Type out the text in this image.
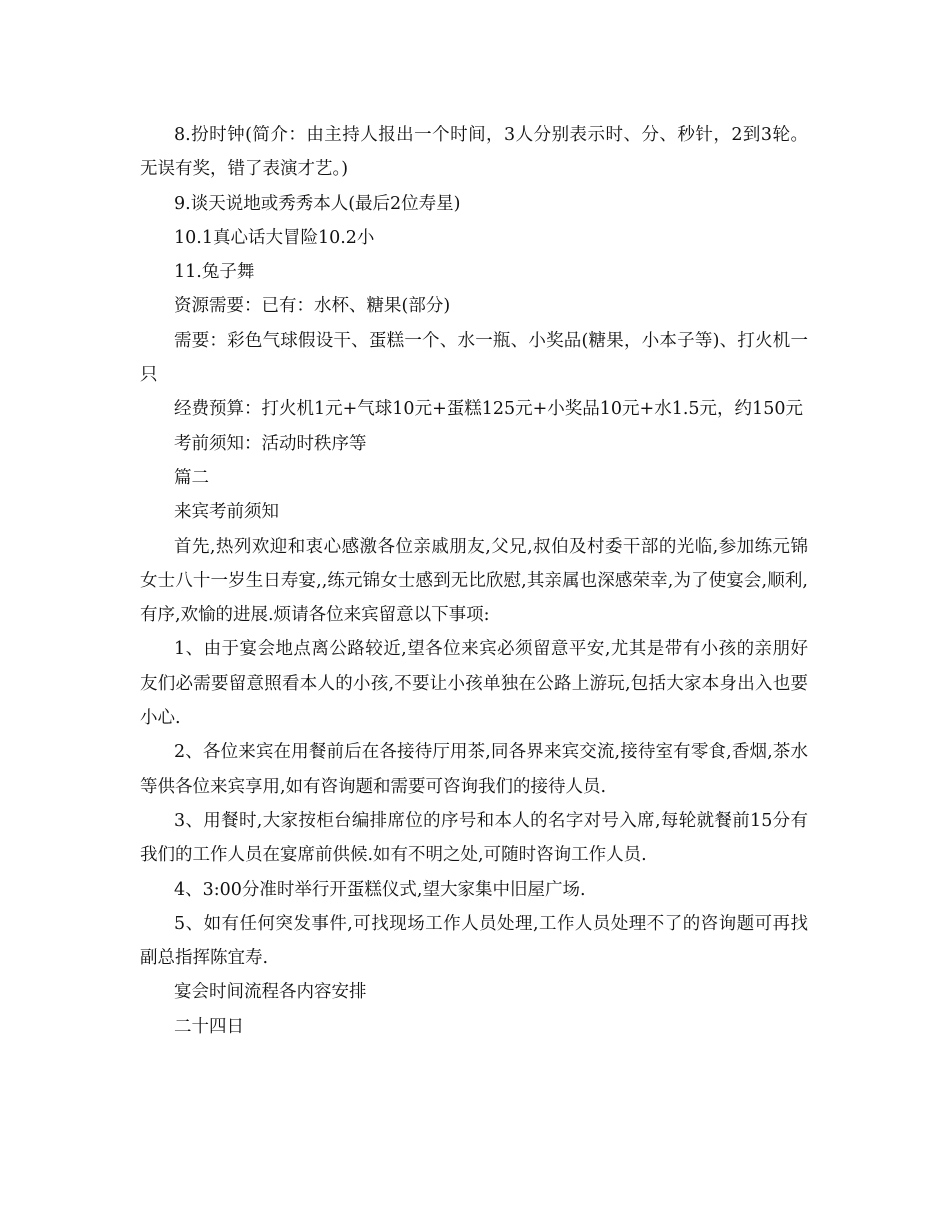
8.扮时钟(简介：由主持人报出一个时间，3人分别表示时、分、秒针，2到3轮。无误有奖，错了表演才艺。)

9.谈天说地或秀秀本人(最后2位寿星)

10.1真心话大冒险10.2小

11.兔子舞

资源需要：已有：水杯、糖果(部分)

需要：彩色气球假设干、蛋糕一个、水一瓶、小奖品(糖果，小本子等)、打火机一只

经费预算：打火机1元+气球10元+蛋糕125元+小奖品10元+水1.5元，约150元

考前须知：活动时秩序等

篇二

来宾考前须知

首先,热列欢迎和衷心感激各位亲戚朋友,父兄,叔伯及村委干部的光临,参加练元锦女士八十一岁生日寿宴,,练元锦女士感到无比欣慰,其亲属也深感荣幸,为了使宴会,顺利,有序,欢愉的进展.烦请各位来宾留意以下事项:

1、由于宴会地点离公路较近,望各位来宾必须留意平安,尤其是带有小孩的亲朋好友们必需要留意照看本人的小孩,不要让小孩单独在公路上游玩,包括大家本身出入也要小心.

2、各位来宾在用餐前后在各接待厅用茶,同各界来宾交流,接待室有零食,香烟,茶水等供各位来宾享用,如有咨询题和需要可咨询我们的接待人员.

3、用餐时,大家按柜台编排席位的序号和本人的名字对号入席,每轮就餐前15分有我们的工作人员在宴席前供候.如有不明之处,可随时咨询工作人员.

4、3:00分准时举行开蛋糕仪式,望大家集中旧屋广场.

5、如有任何突发事件,可找现场工作人员处理,工作人员处理不了的咨询题可再找副总指挥陈宜寿.

宴会时间流程各内容安排

二十四日
